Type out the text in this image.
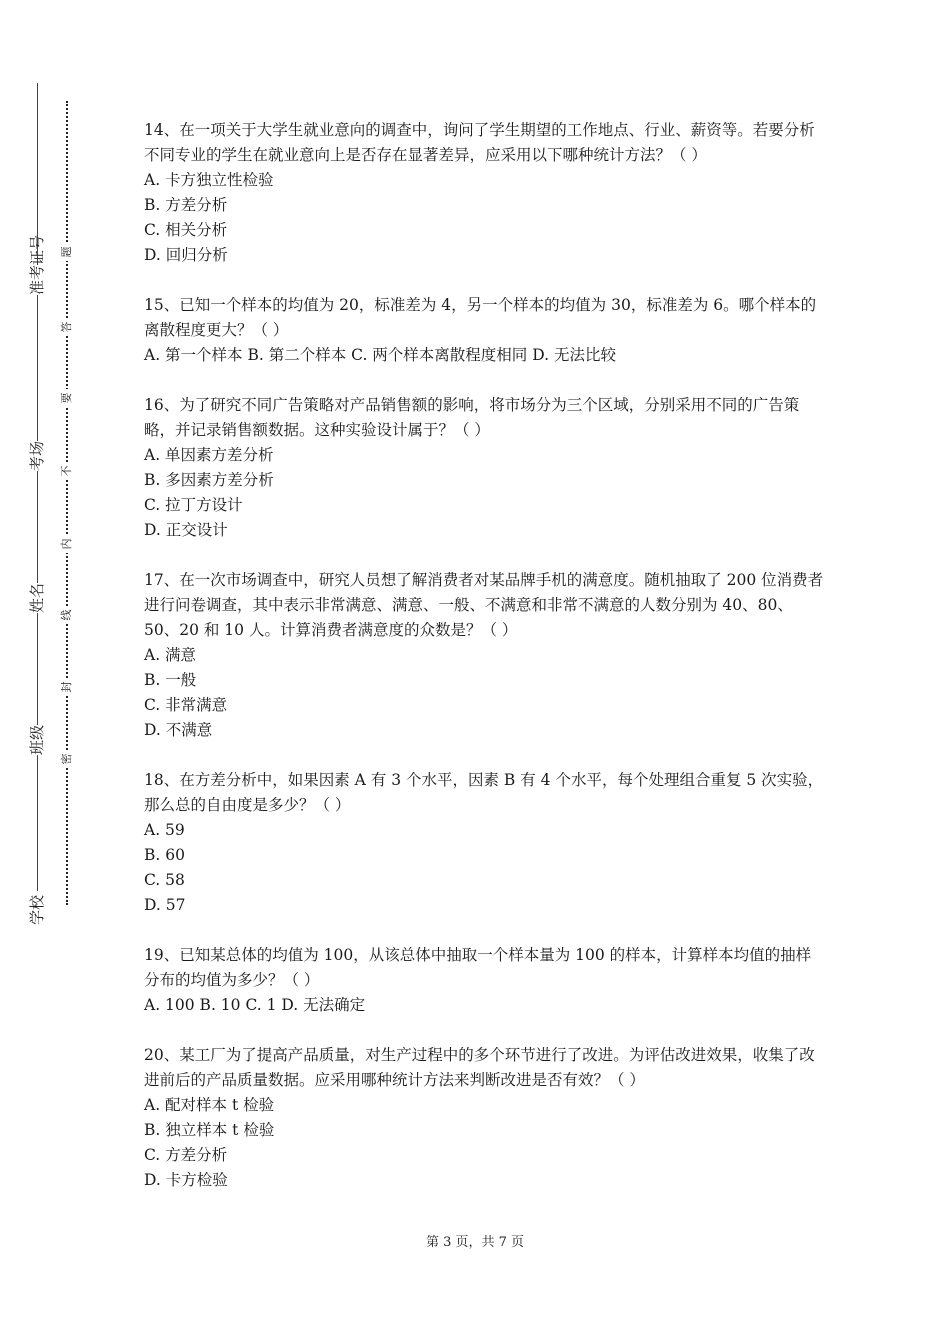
准考证号
考场
姓名
班级
学校
题
答
要
不
内
线
封
密

14、在一项关于大学生就业意向的调查中，询问了学生期望的工作地点、行业、薪资等。若要分析不同专业的学生在就业意向上是否存在显著差异，应采用以下哪种统计方法？（ ）

A. 卡方独立性检验

B. 方差分析

C. 相关分析

D. 回归分析

15、已知一个样本的均值为 20，标准差为 4，另一个样本的均值为 30，标准差为 6。哪个样本的离散程度更大？（ ）

A. 第一个样本 B. 第二个样本 C. 两个样本离散程度相同 D. 无法比较

16、为了研究不同广告策略对产品销售额的影响，将市场分为三个区域，分别采用不同的广告策略，并记录销售额数据。这种实验设计属于？（ ）

A. 单因素方差分析

B. 多因素方差分析

C. 拉丁方设计

D. 正交设计

17、在一次市场调查中，研究人员想了解消费者对某品牌手机的满意度。随机抽取了 200 位消费者进行问卷调查，其中表示非常满意、满意、一般、不满意和非常不满意的人数分别为 40、80、50、20 和 10 人。计算消费者满意度的众数是？（ ）

A. 满意

B. 一般

C. 非常满意

D. 不满意

18、在方差分析中，如果因素 A 有 3 个水平，因素 B 有 4 个水平，每个处理组合重复 5 次实验，那么总的自由度是多少？（ ）

A. 59

B. 60

C. 58

D. 57

19、已知某总体的均值为 100，从该总体中抽取一个样本量为 100 的样本，计算样本均值的抽样分布的均值为多少？（ ）

A. 100 B. 10 C. 1 D. 无法确定

20、某工厂为了提高产品质量，对生产过程中的多个环节进行了改进。为评估改进效果，收集了改进前后的产品质量数据。应采用哪种统计方法来判断改进是否有效？（ ）

A. 配对样本 t 检验

B. 独立样本 t 检验

C. 方差分析

D. 卡方检验

第 3 页，共 7 页
